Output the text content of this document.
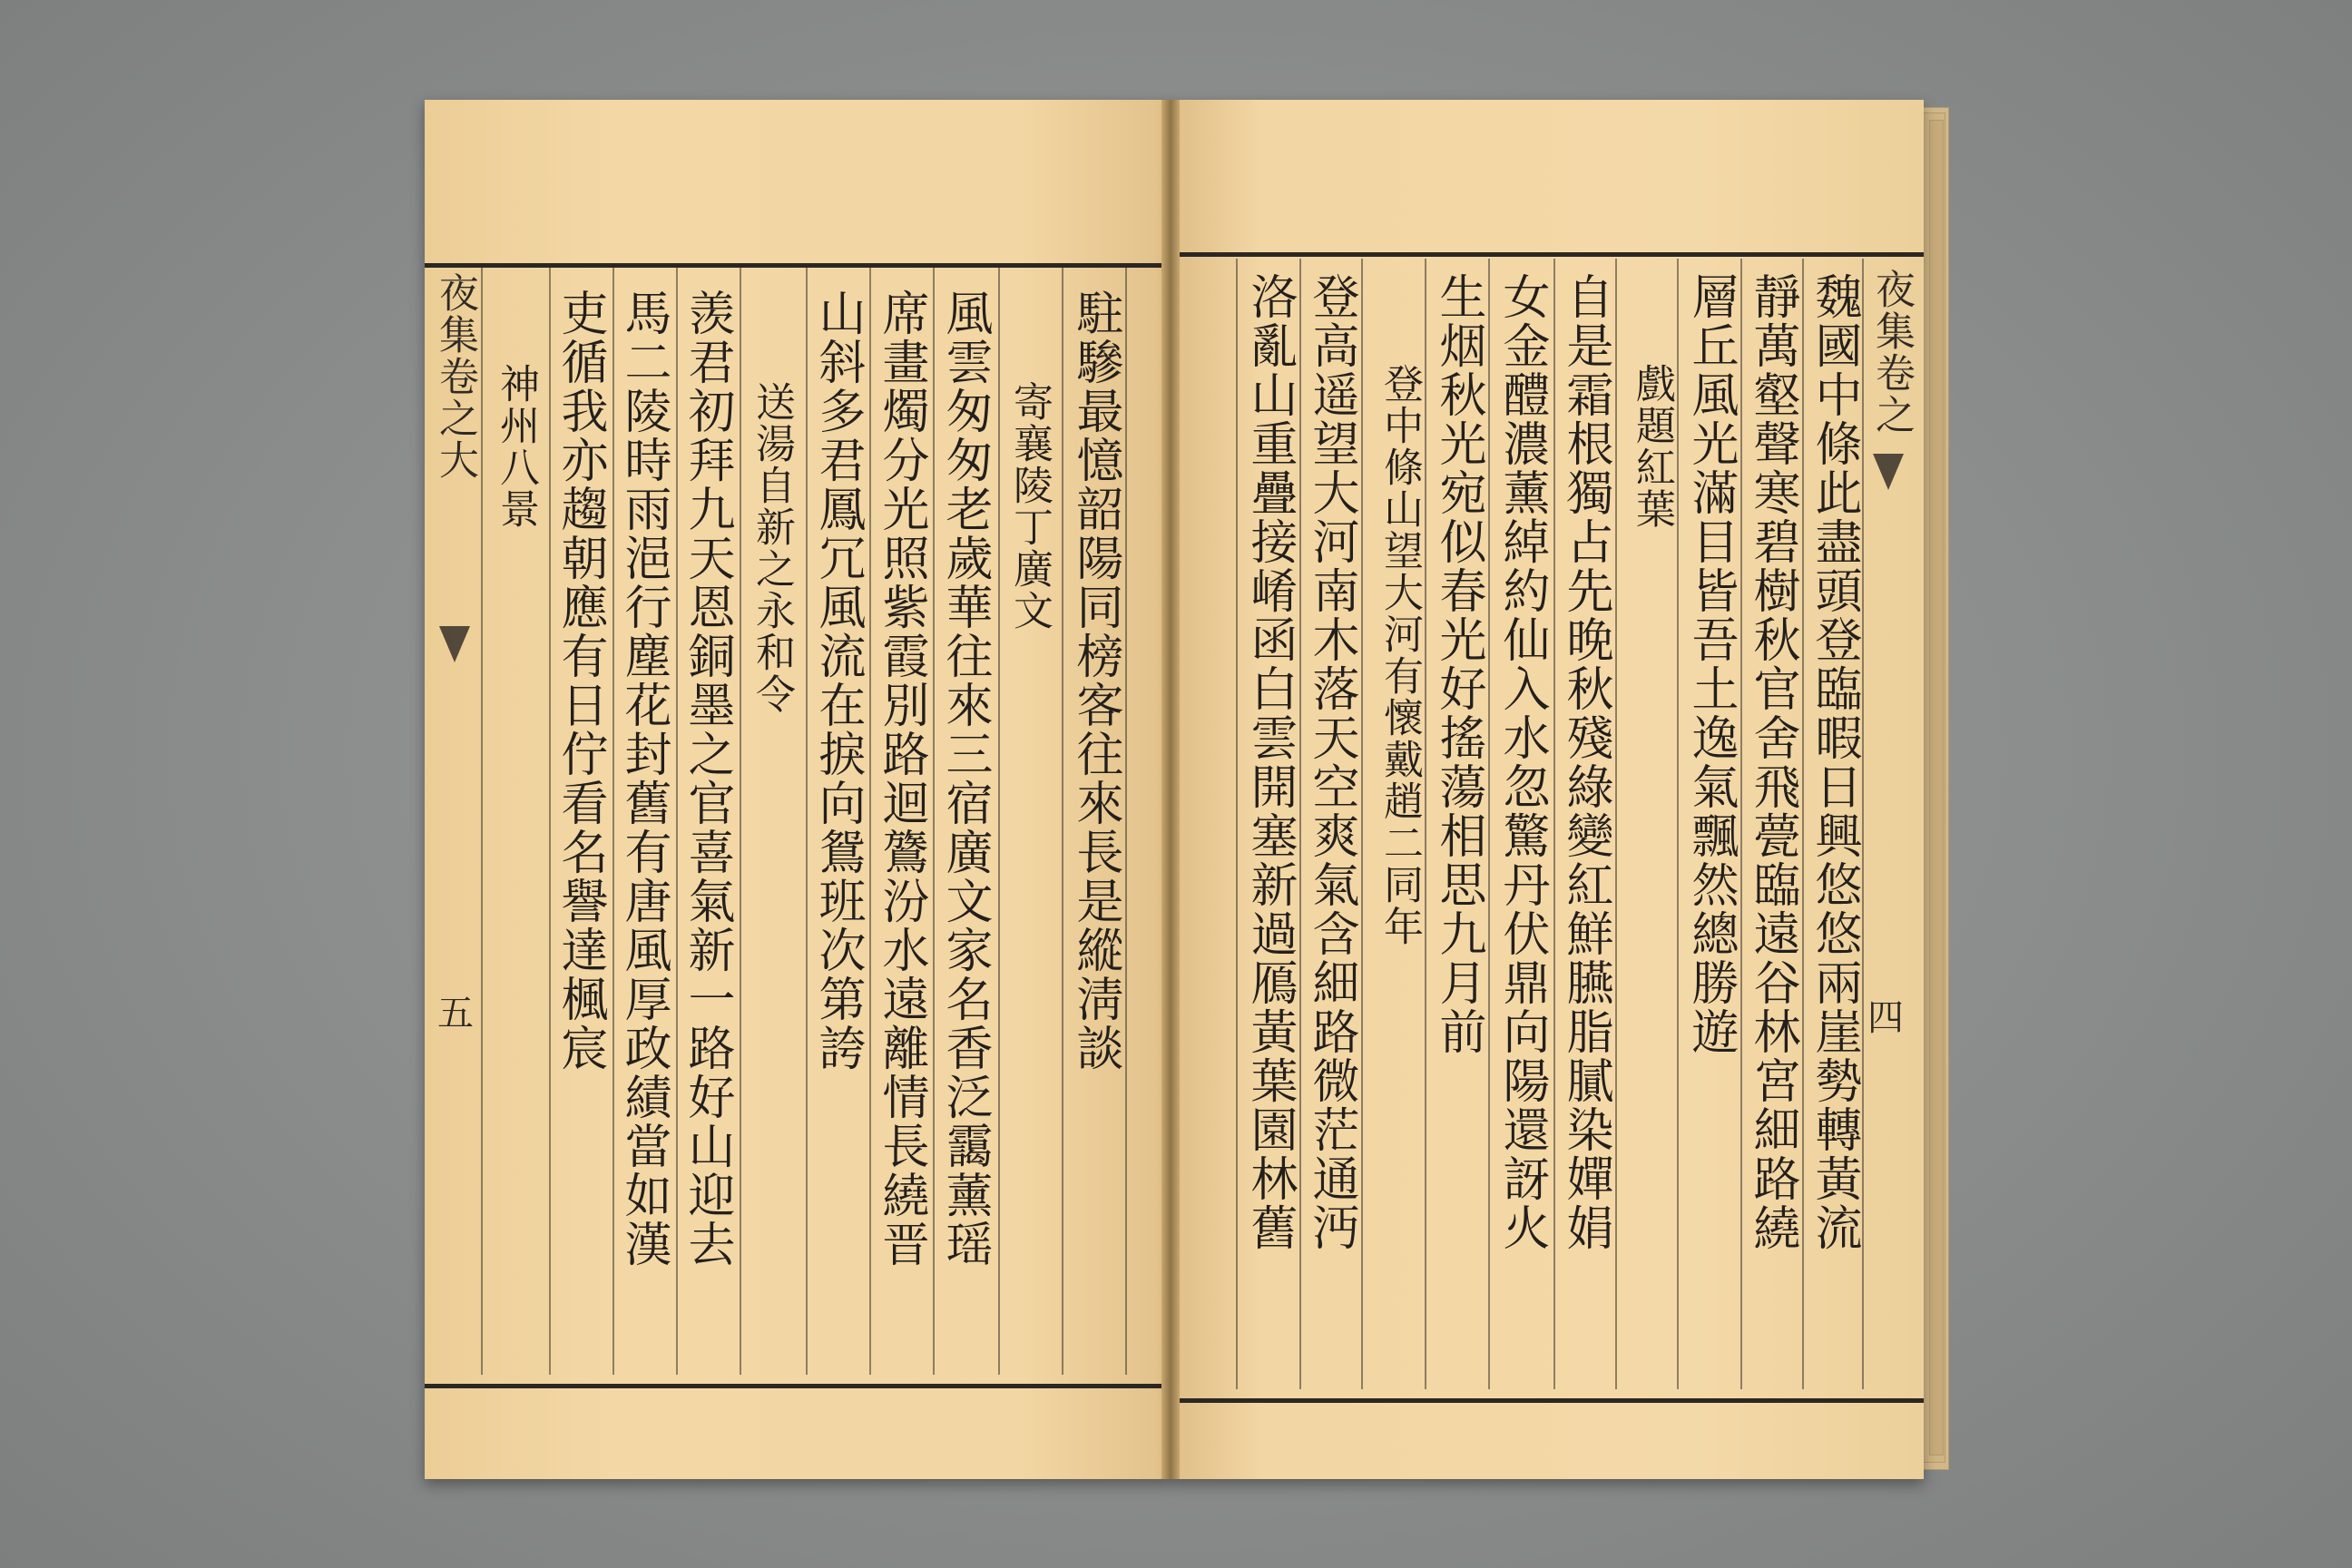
夜集卷之大
五
神州八景 吏循我亦趨朝應有日佇看名譽達楓宸 馬二陵時雨浥行塵花封舊有唐風厚政績當如漢 羡君初拜九天恩銅墨之官喜氣新一路好山迎去 送湯自新之永和令 山斜多君鳳冗風流在捩向鴛班次第誇 席畫燭分光照紫霞別路迴鷟汾水遠離情長繞晋 風雲匆匆老歲華往來三宿廣文家名香泛靄薰瑶 寄襄陵丁廣文 駐驂最憶韶陽同榜客往來長是縱淸談	洛亂山重疊接崤函白雲開塞新過鴈黃葉園林舊 登高遥望大河南木落天空爽氣含細路微茫通沔 登中條山望大河有懷戴趙二同年 生烟秋光宛似春光好搖蕩相思九月前 女金醴濃薰綽約仙入水忽驚丹伏鼎向陽還訝火 自是霜根獨占先晚秋殘綠變紅鮮臙脂膩染嬋娟 戲題紅葉 層丘風光滿目皆吾土逸氣飄然總勝遊 靜萬壑聲寒碧樹秋官舍飛甍臨遠谷林宮細路繞 魏國中條此盡頭登臨暇日興悠悠兩崖勢轉黃流 夜集卷之
四
